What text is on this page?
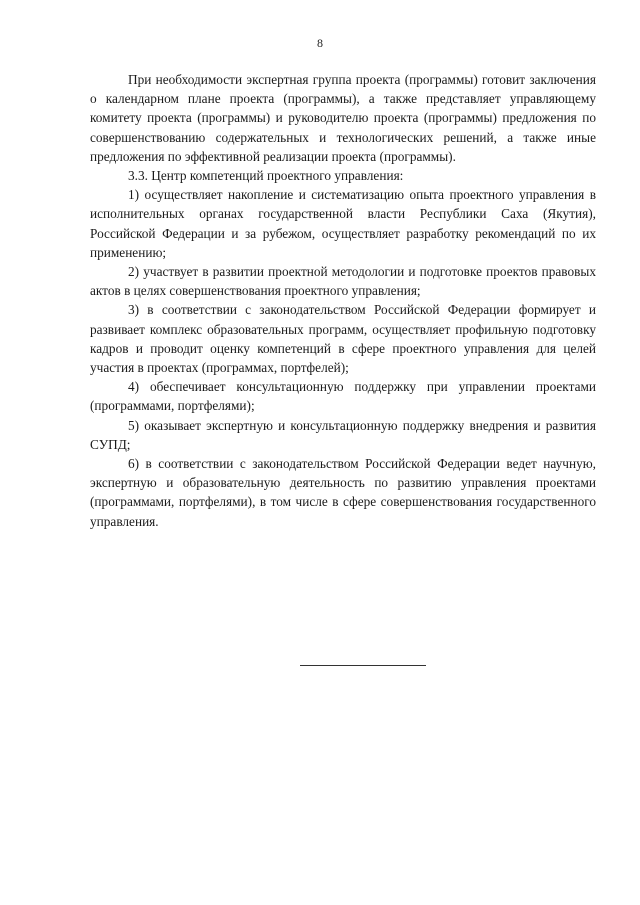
8

При необходимости экспертная группа проекта (программы) готовит заключения о календарном плане проекта (программы), а также представляет управляющему комитету проекта (программы) и руководителю проекта (программы) предложения по совершенствованию содержательных и технологических решений, а также иные предложения по эффективной реализации проекта (программы).

3.3. Центр компетенций проектного управления:

1) осуществляет накопление и систематизацию опыта проектного управления в исполнительных органах государственной власти Республики Саха (Якутия), Российской Федерации и за рубежом, осуществляет разработку рекомендаций по их применению;

2) участвует в развитии проектной методологии и подготовке проектов правовых актов в целях совершенствования проектного управления;

3) в соответствии с законодательством Российской Федерации формирует и развивает комплекс образовательных программ, осуществляет профильную подготовку кадров и проводит оценку компетенций в сфере проектного управления для целей участия в проектах (программах, портфелей);

4) обеспечивает консультационную поддержку при управлении проектами (программами, портфелями);

5) оказывает экспертную и консультационную поддержку внедрения и развития СУПД;

6) в соответствии с законодательством Российской Федерации ведет научную, экспертную и образовательную деятельность по развитию управления проектами (программами, портфелями), в том числе в сфере совершенствования государственного управления.
